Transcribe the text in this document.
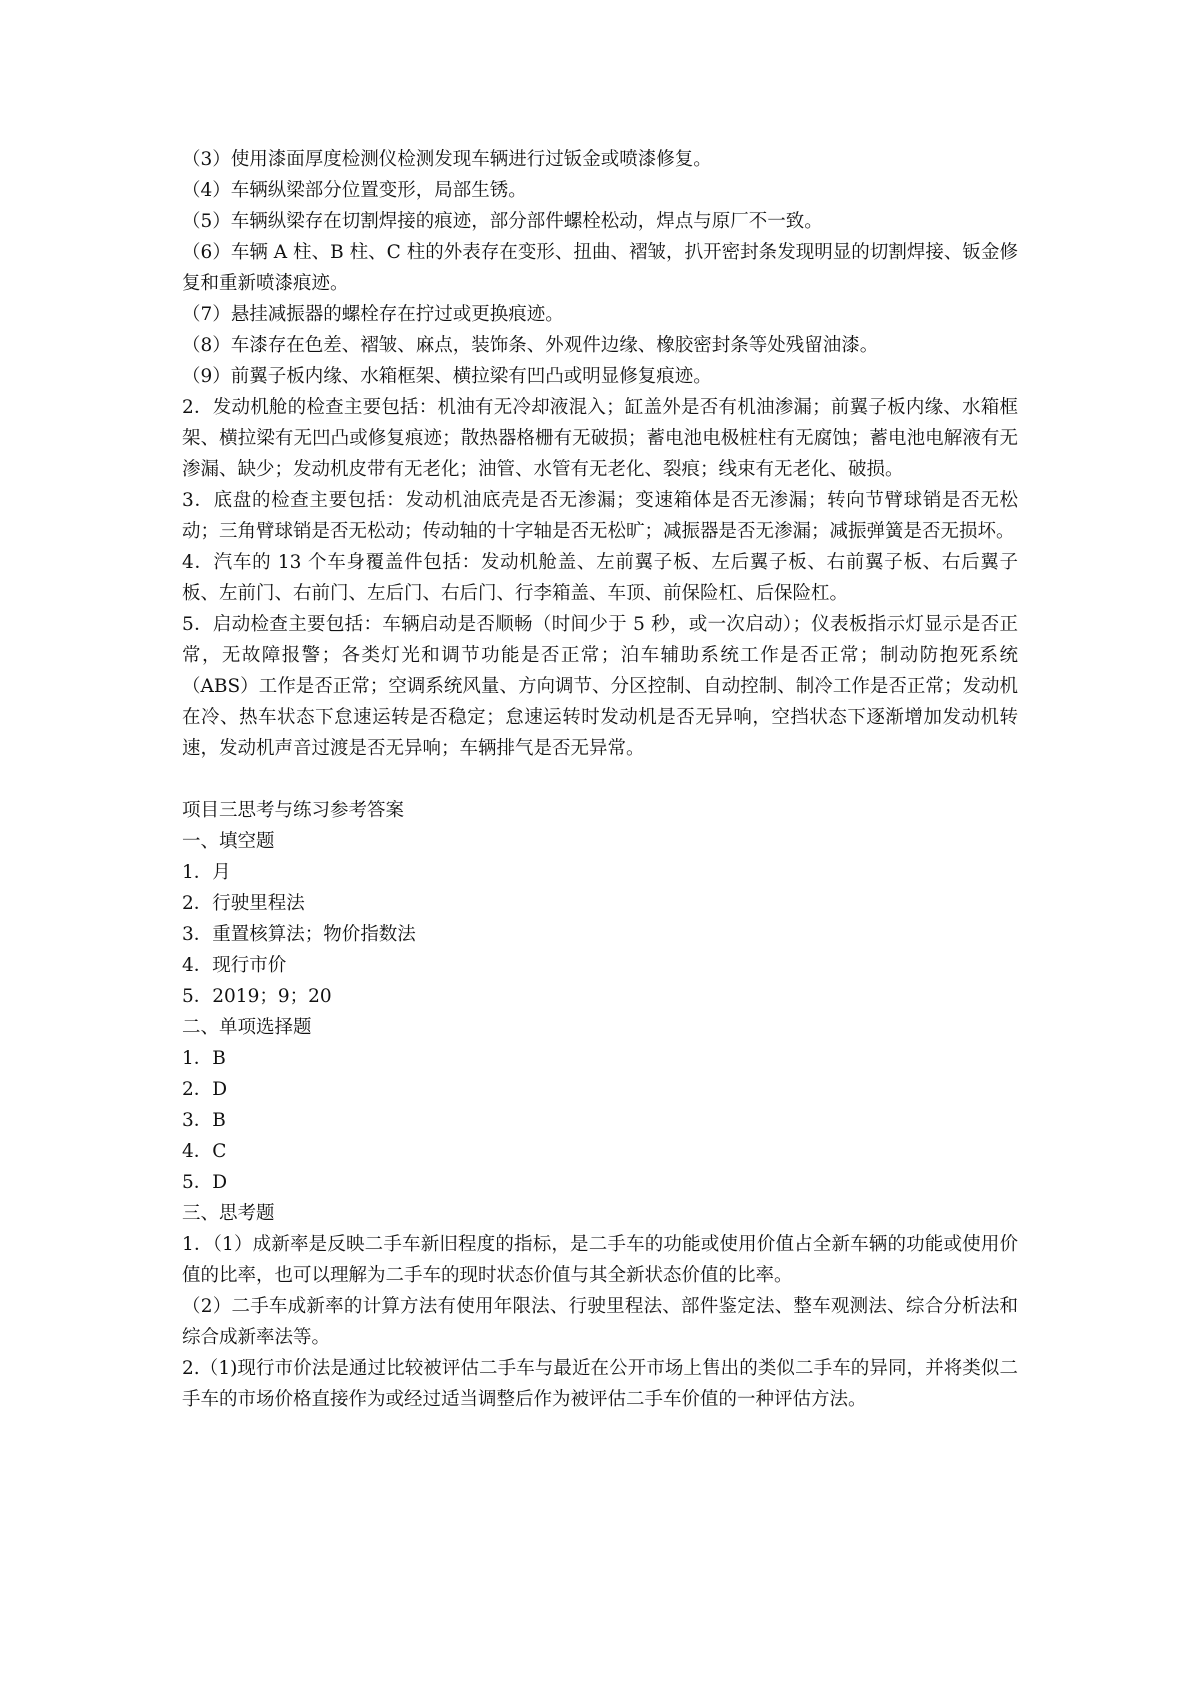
（3）使用漆面厚度检测仪检测发现车辆进行过钣金或喷漆修复。

（4）车辆纵梁部分位置变形，局部生锈。

（5）车辆纵梁存在切割焊接的痕迹，部分部件螺栓松动，焊点与原厂不一致。

（6）车辆 A 柱、B 柱、C 柱的外表存在变形、扭曲、褶皱，扒开密封条发现明显的切割焊接、钣金修复和重新喷漆痕迹。

（7）悬挂减振器的螺栓存在拧过或更换痕迹。

（8）车漆存在色差、褶皱、麻点，装饰条、外观件边缘、橡胶密封条等处残留油漆。

（9）前翼子板内缘、水箱框架、横拉梁有凹凸或明显修复痕迹。

2．发动机舱的检查主要包括：机油有无冷却液混入；缸盖外是否有机油渗漏；前翼子板内缘、水箱框架、横拉梁有无凹凸或修复痕迹；散热器格栅有无破损；蓄电池电极桩柱有无腐蚀；蓄电池电解液有无渗漏、缺少；发动机皮带有无老化；油管、水管有无老化、裂痕；线束有无老化、破损。

3．底盘的检查主要包括：发动机油底壳是否无渗漏；变速箱体是否无渗漏；转向节臂球销是否无松动；三角臂球销是否无松动；传动轴的十字轴是否无松旷；减振器是否无渗漏；减振弹簧是否无损坏。

4．汽车的 13 个车身覆盖件包括：发动机舱盖、左前翼子板、左后翼子板、右前翼子板、右后翼子板、左前门、右前门、左后门、右后门、行李箱盖、车顶、前保险杠、后保险杠。

5．启动检查主要包括：车辆启动是否顺畅（时间少于 5 秒，或一次启动）；仪表板指示灯显示是否正常，无故障报警；各类灯光和调节功能是否正常；泊车辅助系统工作是否正常；制动防抱死系统（ABS）工作是否正常；空调系统风量、方向调节、分区控制、自动控制、制冷工作是否正常；发动机在冷、热车状态下怠速运转是否稳定；怠速运转时发动机是否无异响，空挡状态下逐渐增加发动机转速，发动机声音过渡是否无异响；车辆排气是否无异常。

项目三思考与练习参考答案

一、填空题

1．月

2．行驶里程法

3．重置核算法；物价指数法

4．现行市价

5．2019；9；20

二、单项选择题

1．B

2．D

3．B

4．C

5．D

三、思考题

1．（1）成新率是反映二手车新旧程度的指标，是二手车的功能或使用价值占全新车辆的功能或使用价值的比率，也可以理解为二手车的现时状态价值与其全新状态价值的比率。

（2）二手车成新率的计算方法有使用年限法、行驶里程法、部件鉴定法、整车观测法、综合分析法和综合成新率法等。

2.（1)现行市价法是通过比较被评估二手车与最近在公开市场上售出的类似二手车的异同，并将类似二手车的市场价格直接作为或经过适当调整后作为被评估二手车价值的一种评估方法。
